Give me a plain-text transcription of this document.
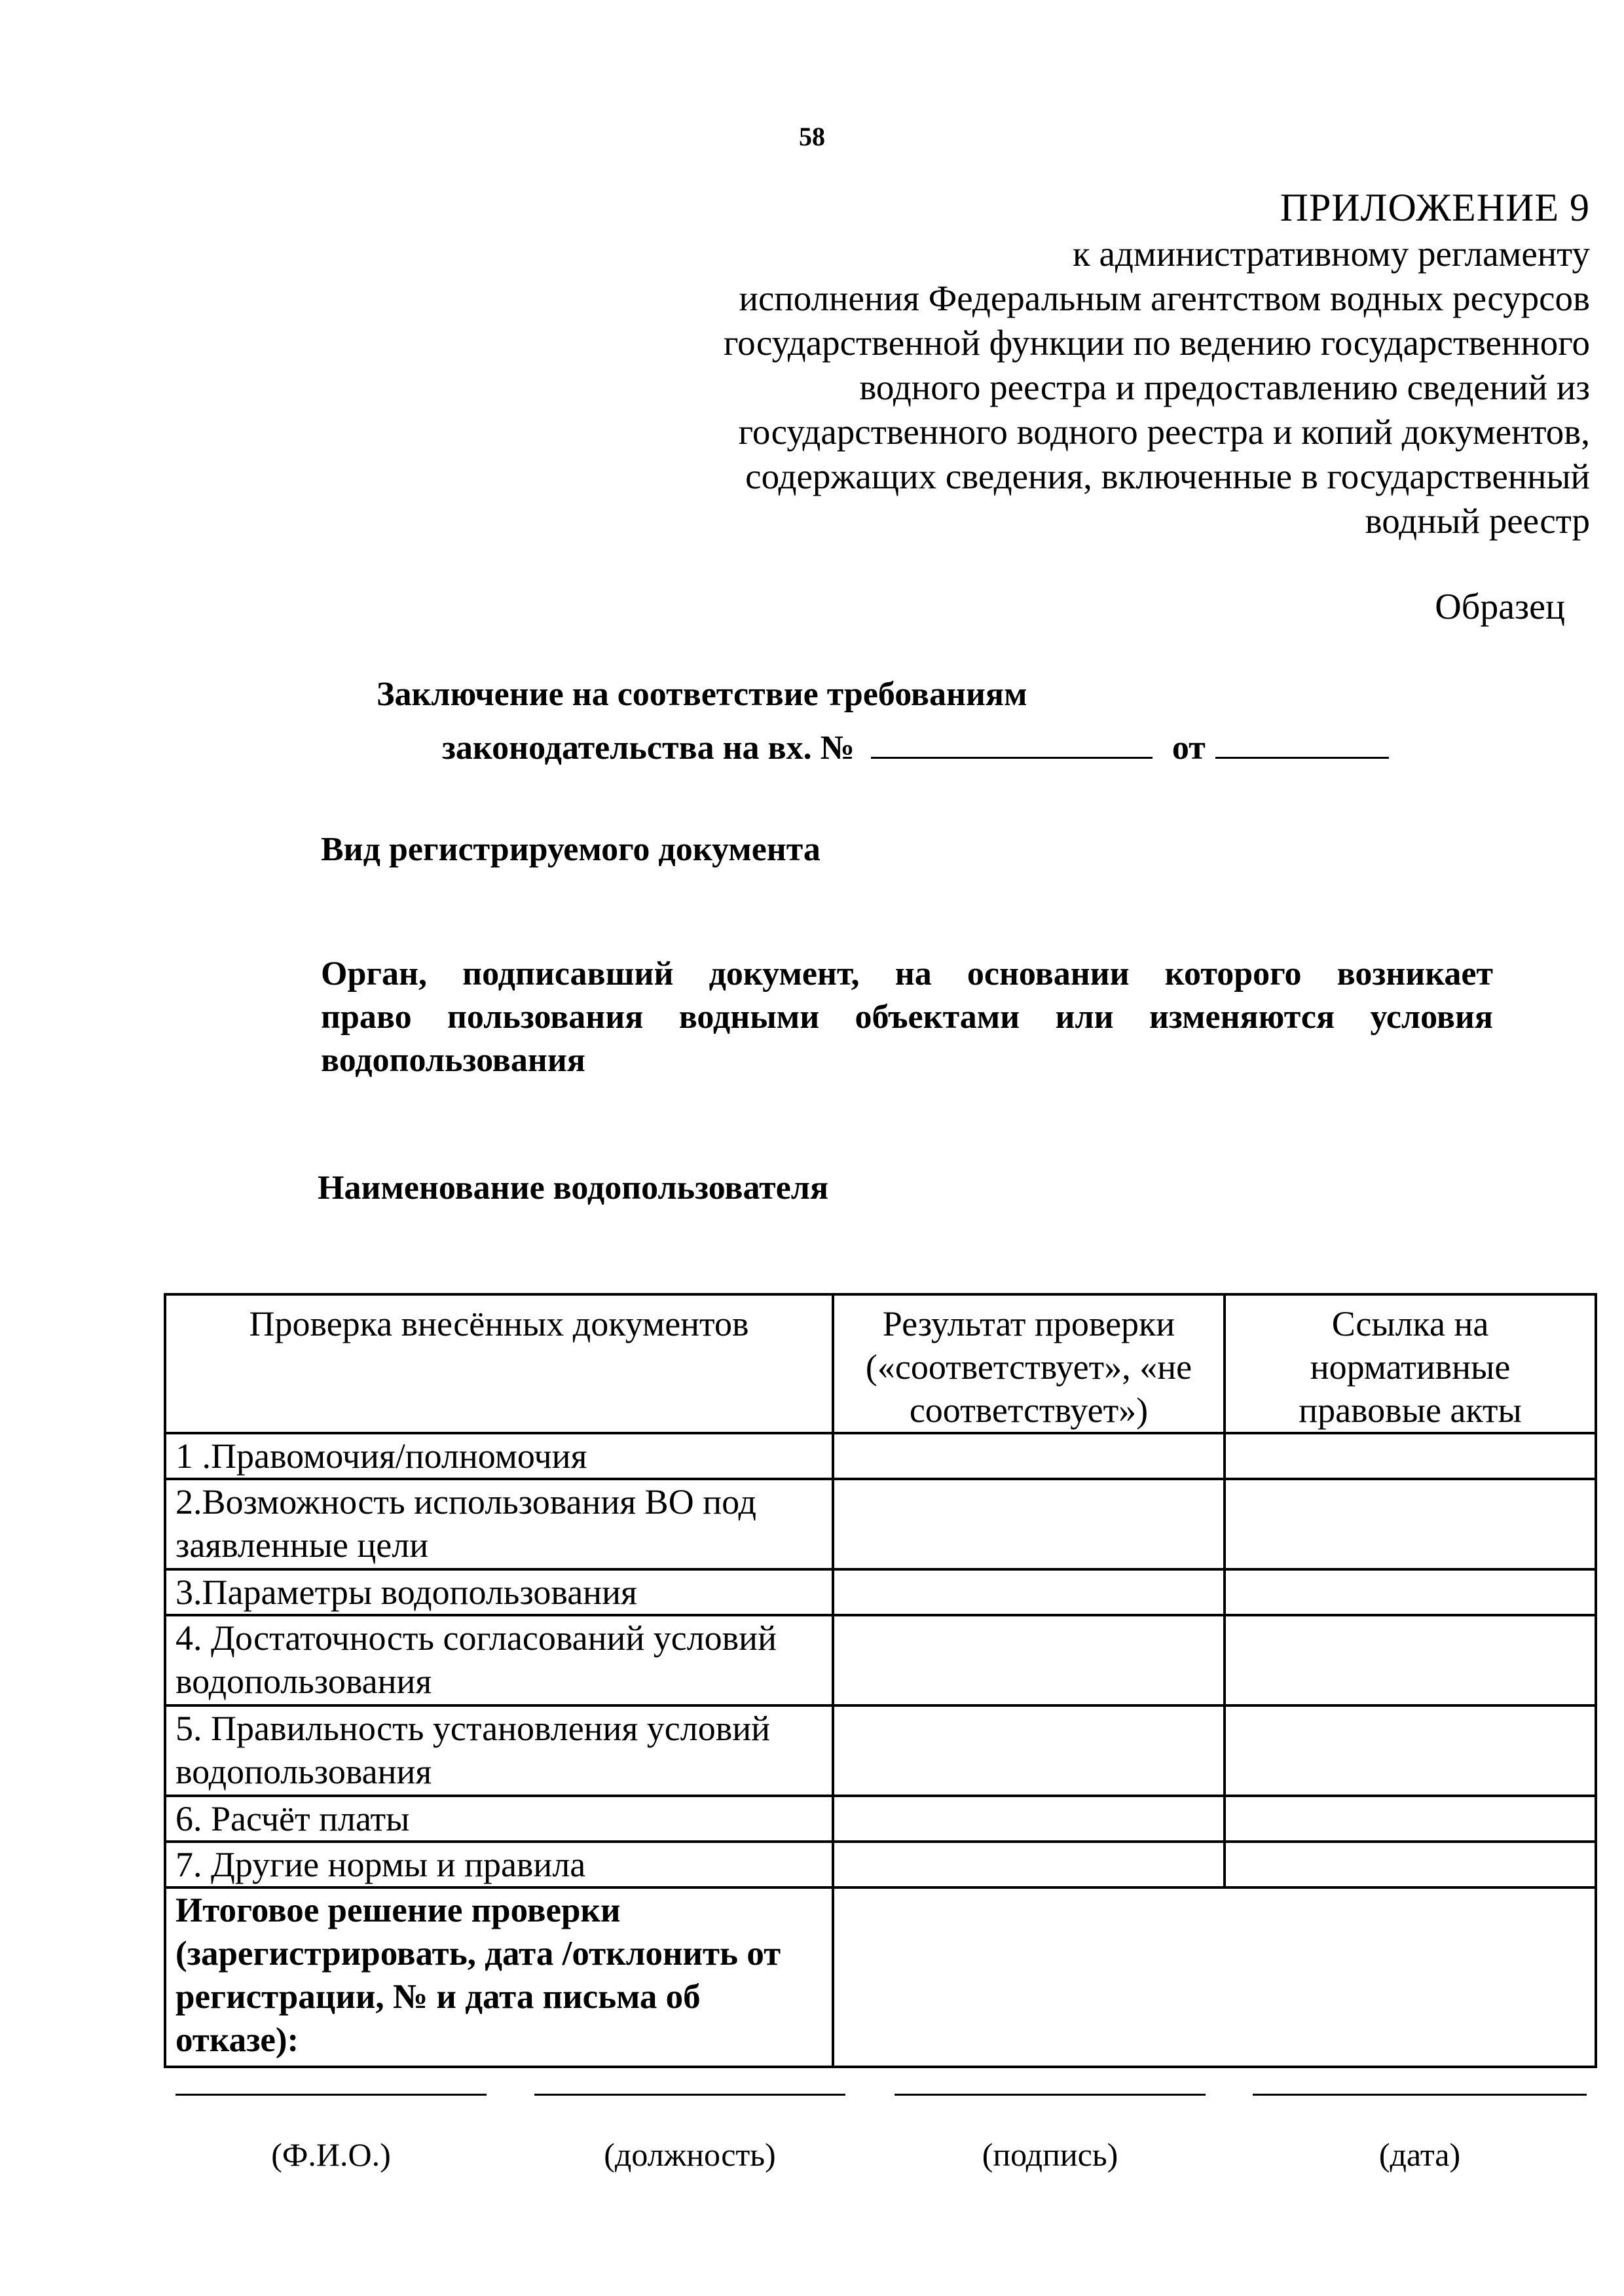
58

ПРИЛОЖЕНИЕ 9

к административному регламенту

исполнения Федеральным агентством водных ресурсов

государственной функции по ведению государственного

водного реестра и предоставлению сведений из

государственного водного реестра и копий документов,

содержащих сведения, включенные в государственный

водный реестр

Образец

Заключение на соответствие требованиям

законодательства на вх. №	от

Вид регистрируемого документа

Орган, подписавший документ, на основании которого возникает

право пользования водными объектами или изменяются условия

водопользования

Наименование водопользователя
Проверка внесённых документов	Результат проверки («соответствует», «не соответствует»)	Ссылка на нормативные правовые акты
1 .Правомочия/полномочия		
2.Возможность использования ВО под заявленные цели		
3.Параметры водопользования		
4. Достаточность согласований условий водопользования		
5. Правильность установления условий водопользования		
6. Расчёт платы		
7. Другие нормы и правила		
Итоговое решение проверки (зарегистрировать, дата /отклонить от регистрации, № и дата письма об отказе):		
(Ф.И.О.)	(должность)	(подпись)	(дата)
